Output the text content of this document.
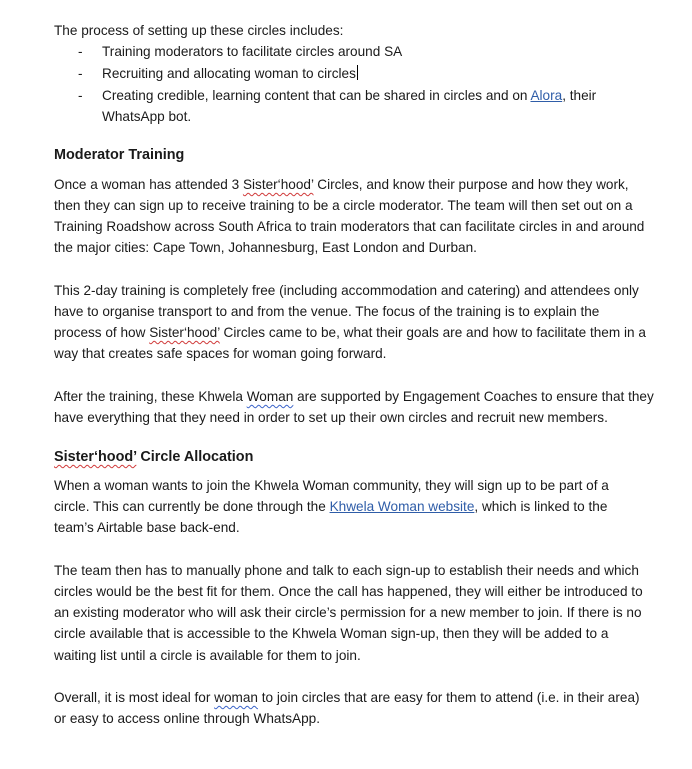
The process of setting up these circles includes:
- Training moderators to facilitate circles around SA
- Recruiting and allocating woman to circles
- Creating credible, learning content that can be shared in circles and on Alora, their
WhatsApp bot.
Moderator Training
Once a woman has attended 3 Sister‘hood’ Circles, and know their purpose and how they work,
then they can sign up to receive training to be a circle moderator. The team will then set out on a
Training Roadshow across South Africa to train moderators that can facilitate circles in and around
the major cities: Cape Town, Johannesburg, East London and Durban.
This 2-day training is completely free (including accommodation and catering) and attendees only
have to organise transport to and from the venue. The focus of the training is to explain the
process of how Sister‘hood’ Circles came to be, what their goals are and how to facilitate them in a
way that creates safe spaces for woman going forward.
After the training, these Khwela Woman are supported by Engagement Coaches to ensure that they
have everything that they need in order to set up their own circles and recruit new members.
Sister‘hood’ Circle Allocation
When a woman wants to join the Khwela Woman community, they will sign up to be part of a
circle. This can currently be done through the Khwela Woman website, which is linked to the
team’s Airtable base back-end.
The team then has to manually phone and talk to each sign-up to establish their needs and which
circles would be the best fit for them. Once the call has happened, they will either be introduced to
an existing moderator who will ask their circle’s permission for a new member to join. If there is no
circle available that is accessible to the Khwela Woman sign-up, then they will be added to a
waiting list until a circle is available for them to join.
Overall, it is most ideal for woman to join circles that are easy for them to attend (i.e. in their area)
or easy to access online through WhatsApp.
